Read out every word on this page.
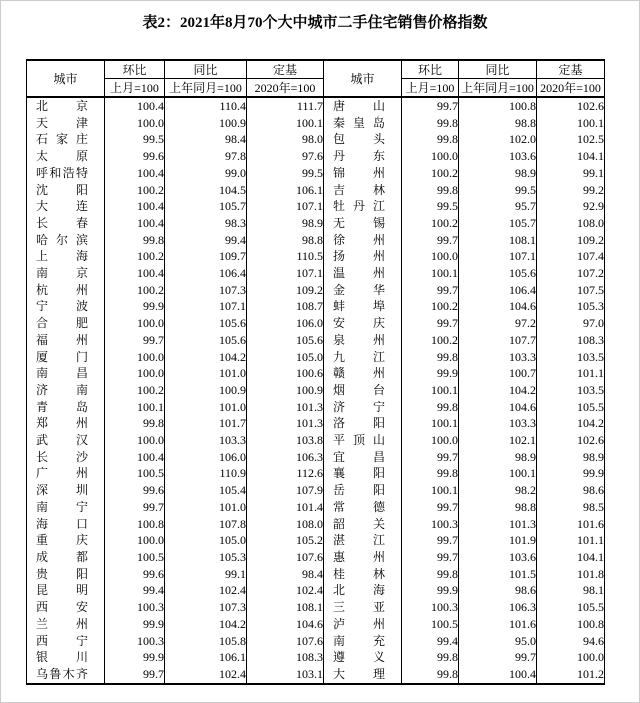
表2：2021年8月70个大中城市二手住宅销售价格指数
城市	环比	同比	定基	城市	环比	同比	定基
	上月=100	上年同月=100	2020年=100		上月=100	上年同月=100	2020年=100

北京	100.4	110.4	111.7	唐山	99.7	100.8	102.6

天津	100.0	100.9	100.1	秦皇岛	99.8	98.8	100.1

石家庄	99.5	98.4	98.0	包头	99.8	102.0	102.5

太原	99.6	97.8	97.6	丹东	100.0	103.6	104.1

呼和浩特	100.4	99.0	99.5	锦州	100.2	98.9	99.1

沈阳	100.2	104.5	106.1	吉林	99.8	99.5	99.2

大连	100.4	105.7	107.1	牡丹江	99.5	95.7	92.9

长春	100.4	98.3	98.9	无锡	100.2	105.7	108.0

哈尔滨	99.8	99.4	98.8	徐州	99.7	108.1	109.2

上海	100.2	109.7	110.5	扬州	100.0	107.1	107.4

南京	100.4	106.4	107.1	温州	100.1	105.6	107.2

杭州	100.2	107.3	109.2	金华	99.7	106.4	107.5

宁波	99.9	107.1	108.7	蚌埠	100.2	104.6	105.3

合肥	100.0	105.6	106.0	安庆	99.7	97.2	97.0

福州	99.7	105.6	105.6	泉州	100.2	107.7	108.3

厦门	100.0	104.2	105.0	九江	99.8	103.3	103.5

南昌	100.0	101.0	100.6	赣州	99.9	100.7	101.1

济南	100.2	100.9	100.9	烟台	100.1	104.2	103.5

青岛	100.1	101.0	101.3	济宁	99.8	104.6	105.5

郑州	99.8	101.7	101.3	洛阳	100.1	103.3	104.2

武汉	100.0	103.3	103.8	平顶山	100.0	102.1	102.6

长沙	100.4	106.0	106.3	宜昌	99.7	98.9	98.9

广州	100.5	110.9	112.6	襄阳	99.8	100.1	99.9

深圳	99.6	105.4	107.9	岳阳	100.1	98.2	98.6

南宁	99.7	101.0	101.4	常德	99.7	98.8	98.5

海口	100.8	107.8	108.0	韶关	100.3	101.3	101.6

重庆	100.0	105.0	105.2	湛江	99.7	101.9	101.1

成都	100.5	105.3	107.6	惠州	99.7	103.6	104.1

贵阳	99.6	99.1	98.4	桂林	99.8	101.5	101.8

昆明	99.4	102.4	102.4	北海	99.9	98.6	98.1

西安	100.3	107.3	108.1	三亚	100.3	106.3	105.5

兰州	99.9	104.2	104.6	泸州	100.5	101.6	100.8

西宁	100.3	105.8	107.6	南充	99.4	95.0	94.6

银川	99.9	106.1	108.3	遵义	99.8	99.7	100.0

乌鲁木齐	99.7	102.4	103.1	大理	99.8	100.4	101.2
